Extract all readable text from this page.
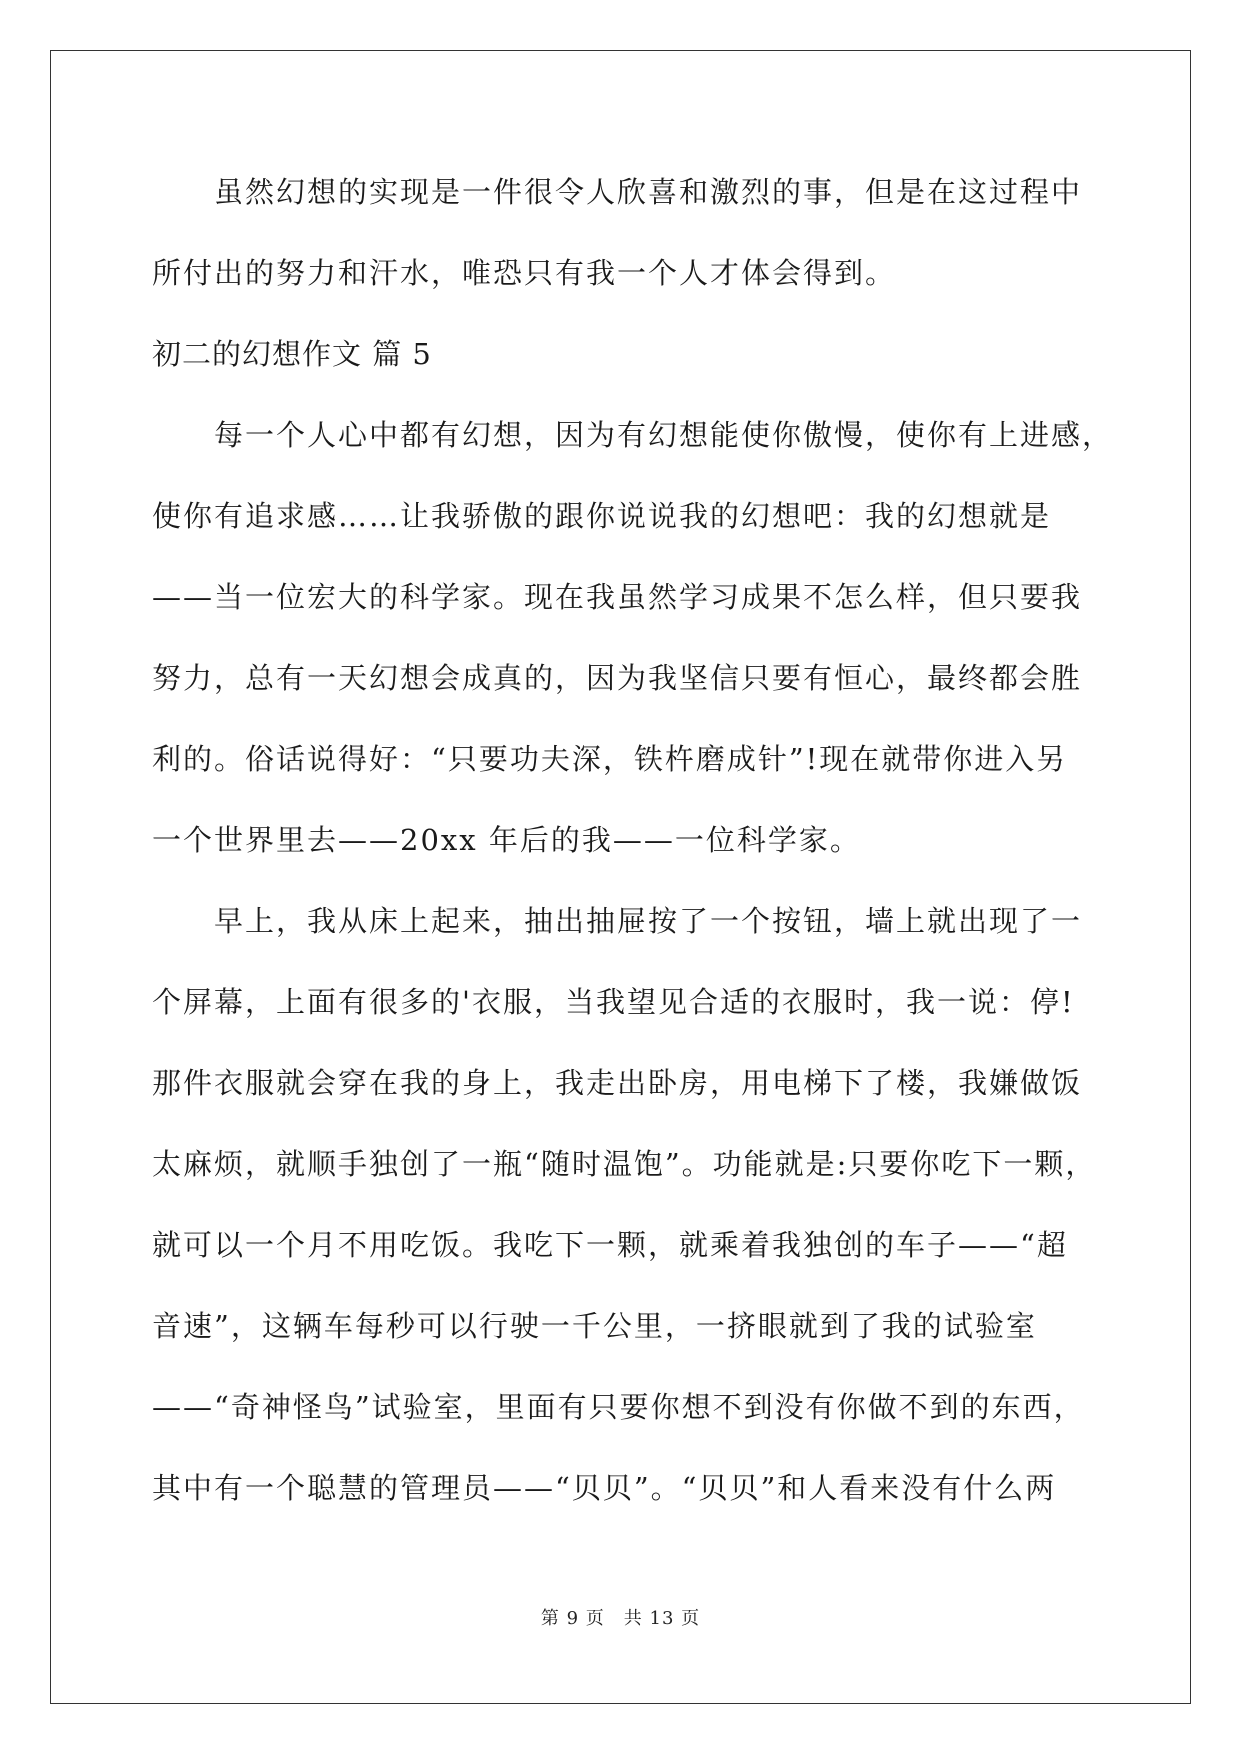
虽然幻想的实现是一件很令人欣喜和激烈的事，但是在这过程中
所付出的努力和汗水，唯恐只有我一个人才体会得到。
初二的幻想作文 篇 5
每一个人心中都有幻想，因为有幻想能使你傲慢，使你有上进感，
使你有追求感……让我骄傲的跟你说说我的幻想吧：我的幻想就是
——当一位宏大的科学家。现在我虽然学习成果不怎么样，但只要我
努力，总有一天幻想会成真的，因为我坚信只要有恒心，最终都会胜
利的。俗话说得好：“只要功夫深，铁杵磨成针”!现在就带你进入另
一个世界里去——20xx 年后的我——一位科学家。
早上，我从床上起来，抽出抽屉按了一个按钮，墙上就出现了一
个屏幕，上面有很多的'衣服，当我望见合适的衣服时，我一说：停!
那件衣服就会穿在我的身上，我走出卧房，用电梯下了楼，我嫌做饭
太麻烦，就顺手独创了一瓶“随时温饱”。功能就是:只要你吃下一颗，
就可以一个月不用吃饭。我吃下一颗，就乘着我独创的车子——“超
音速”，这辆车每秒可以行驶一千公里，一挤眼就到了我的试验室
——“奇神怪鸟”试验室，里面有只要你想不到没有你做不到的东西，
其中有一个聪慧的管理员——“贝贝”。“贝贝”和人看来没有什么两
第 9 页　共 13 页
